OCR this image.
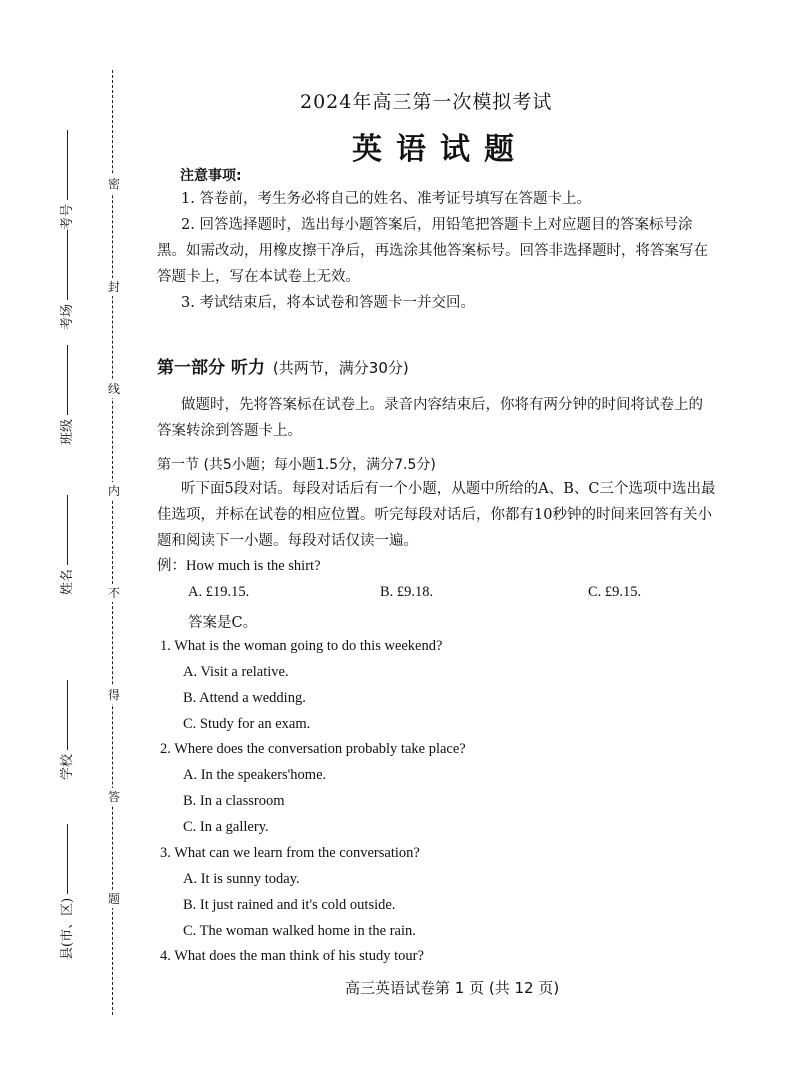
密
封
线
内
不
得
答
题
考号
考场
班级
姓名
学校
县(市、区)
2024年高三第一次模拟考试
英语试题
注意事项:

1. 答卷前，考生务必将自己的姓名、准考证号填写在答题卡上。

2. 回答选择题时，选出每小题答案后，用铅笔把答题卡上对应题目的答案标号涂黑。如需改动，用橡皮擦干净后，再选涂其他答案标号。回答非选择题时，将答案写在答题卡上，写在本试卷上无效。

3. 考试结束后，将本试卷和答题卡一并交回。

第一部分 听力 (共两节，满分30分)

做题时，先将答案标在试卷上。录音内容结束后，你将有两分钟的时间将试卷上的答案转涂到答题卡上。

第一节 (共5小题；每小题1.5分，满分7.5分)

听下面5段对话。每段对话后有一个小题，从题中所给的A、B、C三个选项中选出最佳选项，并标在试卷的相应位置。听完每段对话后，你都有10秒钟的时间来回答有关小题和阅读下一小题。每段对话仅读一遍。

例：How much is the shirt?
A. £19.15.	B. £9.18.	C. £9.15.
答案是C。
1. What is the woman going to do this weekend?
A. Visit a relative.
B. Attend a wedding.
C. Study for an exam.
2. Where does the conversation probably take place?
A. In the speakers'home.
B. In a classroom
C. In a gallery.
3. What can we learn from the conversation?
A. It is sunny today.
B. It just rained and it's cold outside.
C. The woman walked home in the rain.
4. What does the man think of his study tour?
高三英语试卷第 1 页 (共 12 页)
